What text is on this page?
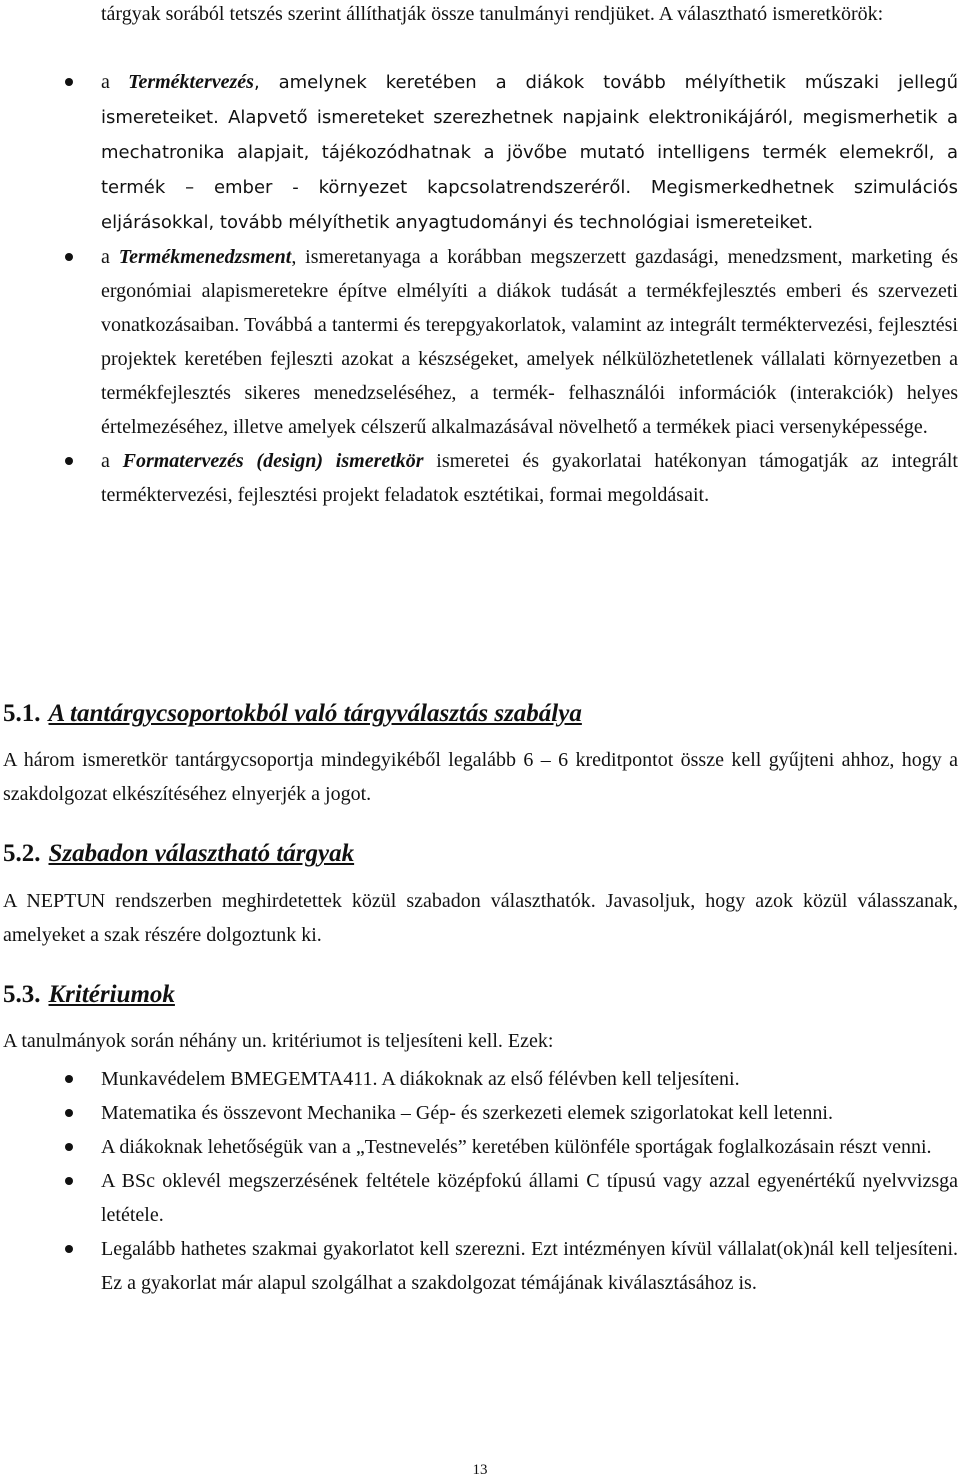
tárgyak sorából tetszés szerint állíthatják össze tanulmányi rendjüket. A választható ismeretkörök:
a Terméktervezés, amelynek keretében a diákok tovább mélyíthetik műszaki jellegű ismereteiket. Alapvető ismereteket szerezhetnek napjaink elektronikájáról, megismerhetik a mechatronika alapjait, tájékozódhatnak a jövőbe mutató intelligens termék elemekről, a termék – ember - környezet kapcsolatrendszeréről. Megismerkedhetnek szimulációs eljárásokkal, tovább mélyíthetik anyagtudományi és technológiai ismereteiket.
a Termékmenedzsment, ismeretanyaga a korábban megszerzett gazdasági, menedzsment, marketing és ergonómiai alapismeretekre építve elmélyíti a diákok tudását a termékfejlesztés emberi és szervezeti vonatkozásaiban. Továbbá a tantermi és terepgyakorlatok, valamint az integrált terméktervezési, fejlesztési projektek keretében fejleszti azokat a készségeket, amelyek nélkülözhetetlenek vállalati környezetben a termékfejlesztés sikeres menedzseléséhez, a termék- felhasználói információk (interakciók) helyes értelmezéséhez, illetve amelyek célszerű alkalmazásával növelhető a termékek piaci versenyképessége.
a Formatervezés (design) ismeretkör ismeretei és gyakorlatai hatékonyan támogatják az integrált terméktervezési, fejlesztési projekt feladatok esztétikai, formai megoldásait.
5.1. A tantárgycsoportokból való tárgyválasztás szabálya
A három ismeretkör tantárgycsoportja mindegyikéből legalább 6 – 6 kreditpontot össze kell gyűjteni ahhoz, hogy a szakdolgozat elkészítéséhez elnyerjék a jogot.
5.2. Szabadon választható tárgyak
A NEPTUN rendszerben meghirdetettek közül szabadon választhatók. Javasoljuk, hogy azok közül válasszanak, amelyeket a szak részére dolgoztunk ki.
5.3. Kritériumok
A tanulmányok során néhány un. kritériumot is teljesíteni kell. Ezek:
Munkavédelem BMEGEMTA411. A diákoknak az első félévben kell teljesíteni.
Matematika és összevont Mechanika – Gép- és szerkezeti elemek szigorlatokat kell letenni.
A diákoknak lehetőségük van a „Testnevelés” keretében különféle sportágak foglalkozásain részt venni.
A BSc oklevél megszerzésének feltétele középfokú állami C típusú vagy azzal egyenértékű nyelvvizsga letétele.
Legalább hathetes szakmai gyakorlatot kell szerezni. Ezt intézményen kívül vállalat(ok)nál kell teljesíteni. Ez a gyakorlat már alapul szolgálhat a szakdolgozat témájának kiválasztásához is.
13
